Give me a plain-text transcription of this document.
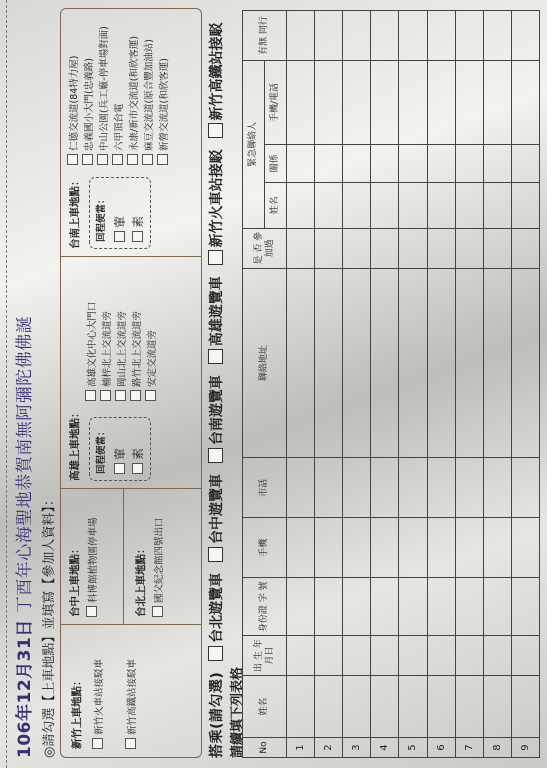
106年12月31日 丁酉年心海聖地恭賀南無阿彌陀佛佛誕
◎請勾選【上車地點】並填寫【參加人資料】： 新竹上車地點： 新竹火車站接駁車 新竹高鐵站接駁車
台中上車地點： 科博館植物園停車場	台北上車地點： 國父紀念館四號出口
高雄上車地點：	回程便當： 葷 素
高雄文化中心大門口 楠梓北上交流道旁 岡山北上交流道旁 路竹北上交流道旁 安定交流道旁
台南上車地點：	回程便當： 葷 素
仁德交流道(84特力屋) 忠義國小大門(忠義路) 中山公園(兵工廠-停車場對面) 六甲頂台電 永康/新市交流道(和欣客運) 麻豆交流道(原合豐加油站) 新營交流道(和欣客運)
搭乘(請勾選) 台北遊覽車 台中遊覽車 台南遊覽車 高雄遊覽車 新竹火車站接駁 新竹高鐵站接駁
請續填下列表格 No	姓名	出 生 年月日	身份證 字 號	手機	市話	聯絡地址	是 否 參加過	緊急聯絡人			有無 同行
								姓名	關係	手機/電話	
1											
2											
3											
4											
5											
6											
7											
8											
9											
